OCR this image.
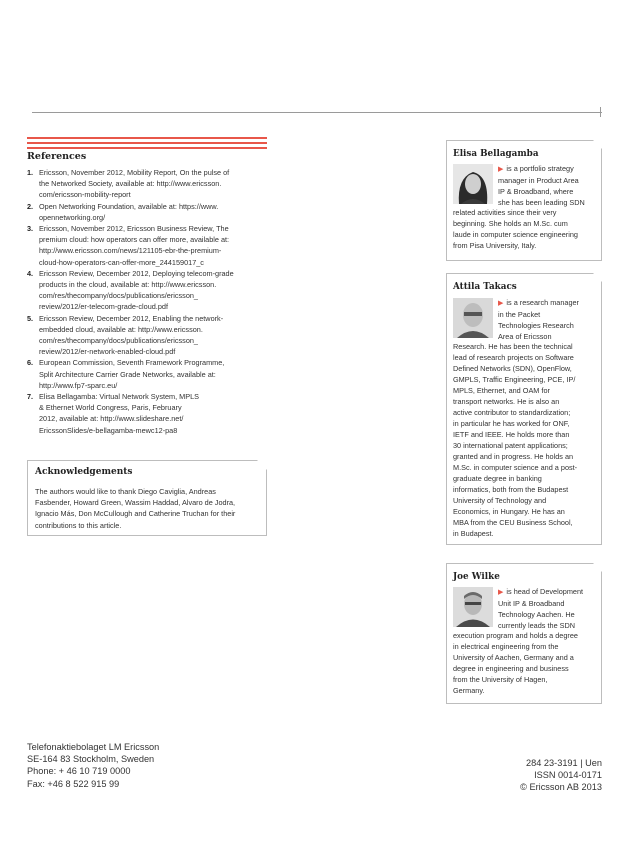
References
1. Ericsson, November 2012, Mobility Report, On the pulse of
the Networked Society, available at: http://www.ericsson.
com/ericsson-mobility-report
2. Open Networking Foundation, available at: https://www.
opennetworking.org/
3. Ericsson, November 2012, Ericsson Business Review, The
premium cloud: how operators can offer more, available at:
http://www.ericsson.com/news/121105-ebr-the-premium-
cloud-how-operators-can-offer-more_244159017_c
4. Ericsson Review, December 2012, Deploying telecom-grade
products in the cloud, available at: http://www.ericsson.
com/res/thecompany/docs/publications/ericsson_
review/2012/er-telecom-grade-cloud.pdf
5. Ericsson Review, December 2012, Enabling the network-
embedded cloud, available at: http://www.ericsson.
com/res/thecompany/docs/publications/ericsson_
review/2012/er-network-enabled-cloud.pdf
6. European Commission, Seventh Framework Programme,
Split Architecture Carrier Grade Networks, available at:
http://www.fp7-sparc.eu/
7. Elisa Bellagamba: Virtual Network System, MPLS
& Ethernet World Congress, Paris, February
2012, available at: http://www.slideshare.net/
EricssonSlides/e-bellagamba-mewc12-pa8
Acknowledgements

The authors would like to thank Diego Caviglia, Andreas
Fasbender, Howard Green, Wassim Haddad, Alvaro de Jodra,
Ignacio Más, Don McCullough and Catherine Truchan for their
contributions to this article.

Elisa Bellagamba
▶ is a portfolio strategy
manager in Product Area
IP & Broadband, where
she has been leading SDN
related activities since their very
beginning. She holds an M.Sc. cum
laude in computer science engineering
from Pisa University, Italy.
Attila Takacs
▶ is a research manager
in the Packet
Technologies Research
Area of Ericsson
Research. He has been the technical
lead of research projects on Software
Defined Networks (SDN), OpenFlow,
GMPLS, Traffic Engineering, PCE, IP/
MPLS, Ethernet, and OAM for
transport networks. He is also an
active contributor to standardization;
in particular he has worked for ONF,
IETF and IEEE. He holds more than
30 international patent applications;
granted and in progress. He holds an
M.Sc. in computer science and a post-
graduate degree in banking
informatics, both from the Budapest
University of Technology and
Economics, in Hungary. He has an
MBA from the CEU Business School,
in Budapest.
Joe Wilke
▶ is head of Development
Unit IP & Broadband
Technology Aachen. He
currently leads the SDN
execution program and holds a degree
in electrical engineering from the
University of Aachen, Germany and a
degree in engineering and business
from the University of Hagen,
Germany.
Telefonaktiebolaget LM Ericsson
SE-164 83 Stockholm, Sweden
Phone: + 46 10 719 0000
Fax: +46 8 522 915 99
284 23-3191 | Uen
ISSN 0014-0171
© Ericsson AB 2013
